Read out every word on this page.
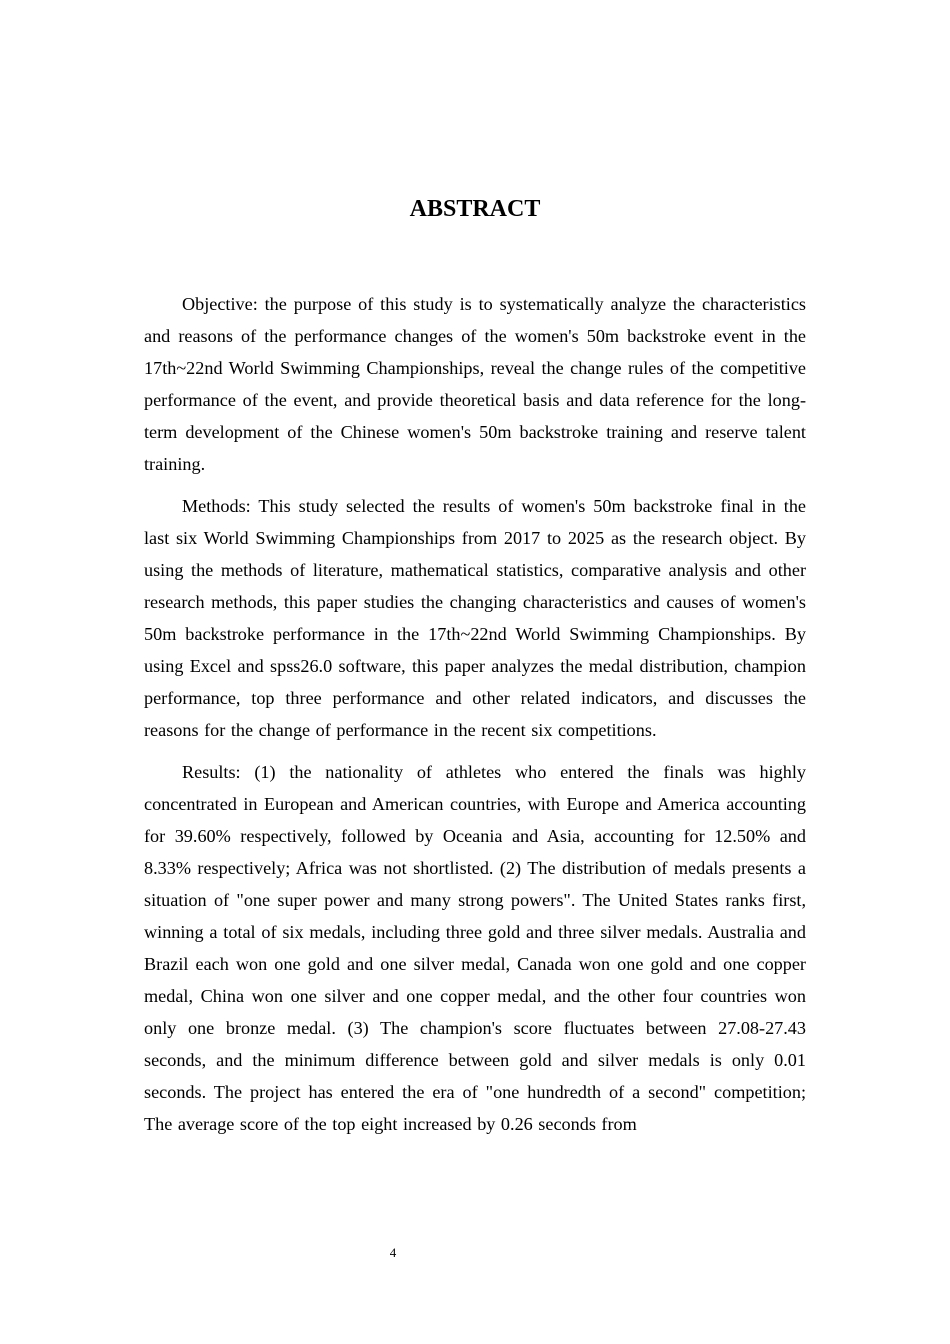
ABSTRACT

Objective: the purpose of this study is to systematically analyze the characteristics and reasons of the performance changes of the women's 50m backstroke event in the 17th~22nd World Swimming Championships, reveal the change rules of the competitive performance of the event, and provide theoretical basis and data reference for the long-term development of the Chinese women's 50m backstroke training and reserve talent training.

Methods: This study selected the results of women's 50m backstroke final in the last six World Swimming Championships from 2017 to 2025 as the research object. By using the methods of literature, mathematical statistics, comparative analysis and other research methods, this paper studies the changing characteristics and causes of women's 50m backstroke performance in the 17th~22nd World Swimming Championships. By using Excel and spss26.0 software, this paper analyzes the medal distribution, champion performance, top three performance and other related indicators, and discusses the reasons for the change of performance in the recent six competitions.

Results: (1) the nationality of athletes who entered the finals was highly concentrated in European and American countries, with Europe and America accounting for 39.60% respectively, followed by Oceania and Asia, accounting for 12.50% and 8.33% respectively; Africa was not shortlisted. (2) The distribution of medals presents a situation of "one super power and many strong powers". The United States ranks first, winning a total of six medals, including three gold and three silver medals. Australia and Brazil each won one gold and one silver medal, Canada won one gold and one copper medal, China won one silver and one copper medal, and the other four countries won only one bronze medal. (3) The champion's score fluctuates between 27.08-27.43 seconds, and the minimum difference between gold and silver medals is only 0.01 seconds. The project has entered the era of "one hundredth of a second" competition; The average score of the top eight increased by 0.26 seconds from

4
